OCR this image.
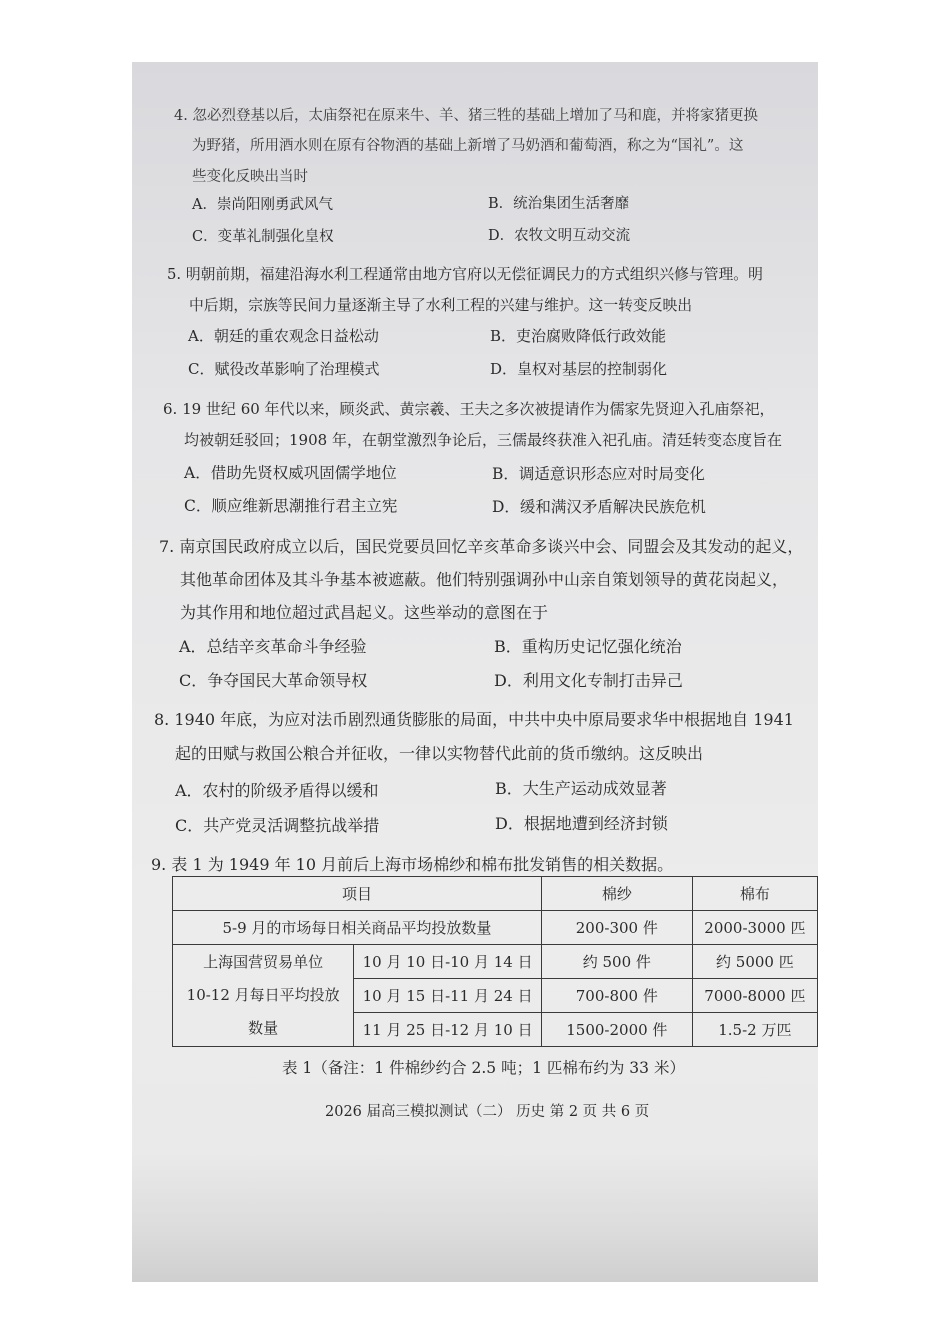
4. 忽必烈登基以后，太庙祭祀在原来牛、羊、猪三牲的基础上增加了马和鹿，并将家猪更换
为野猪，所用酒水则在原有谷物酒的基础上新增了马奶酒和葡萄酒，称之为“国礼”。这
些变化反映出当时
A．崇尚阳刚勇武风气	B．统治集团生活奢靡
C．变革礼制强化皇权	D．农牧文明互动交流
5. 明朝前期，福建沿海水利工程通常由地方官府以无偿征调民力的方式组织兴修与管理。明
中后期，宗族等民间力量逐渐主导了水利工程的兴建与维护。这一转变反映出
A．朝廷的重农观念日益松动	B．吏治腐败降低行政效能
C．赋役改革影响了治理模式	D．皇权对基层的控制弱化
6. 19 世纪 60 年代以来，顾炎武、黄宗羲、王夫之多次被提请作为儒家先贤迎入孔庙祭祀，
均被朝廷驳回；1908 年，在朝堂激烈争论后，三儒最终获准入祀孔庙。清廷转变态度旨在
A．借助先贤权威巩固儒学地位	B．调适意识形态应对时局变化
C．顺应维新思潮推行君主立宪	D．缓和满汉矛盾解决民族危机
7. 南京国民政府成立以后，国民党要员回忆辛亥革命多谈兴中会、同盟会及其发动的起义，
其他革命团体及其斗争基本被遮蔽。他们特别强调孙中山亲自策划领导的黄花岗起义，
为其作用和地位超过武昌起义。这些举动的意图在于
A．总结辛亥革命斗争经验	B．重构历史记忆强化统治
C．争夺国民大革命领导权	D．利用文化专制打击异己
8. 1940 年底，为应对法币剧烈通货膨胀的局面，中共中央中原局要求华中根据地自 1941
起的田赋与救国公粮合并征收，一律以实物替代此前的货币缴纳。这反映出
A．农村的阶级矛盾得以缓和	B．大生产运动成效显著
C．共产党灵活调整抗战举措	D．根据地遭到经济封锁
9. 表 1 为 1949 年 10 月前后上海市场棉纱和棉布批发销售的相关数据。
项目		棉纱	棉布
5-9 月的市场每日相关商品平均投放数量		200-300 件	2000-3000 匹

上海国营贸易单位
10-12 月每日平均投放
数量	10 月 10 日-10 月 14 日	约 500 件	约 5000 匹
	10 月 15 日-11 月 24 日	700-800 件	7000-8000 匹
	11 月 25 日-12 月 10 日	1500-2000 件	1.5-2 万匹
表 1（备注：1 件棉纱约合 2.5 吨；1 匹棉布约为 33 米）
2026 届高三模拟测试（二） 历史 第 2 页 共 6 页
